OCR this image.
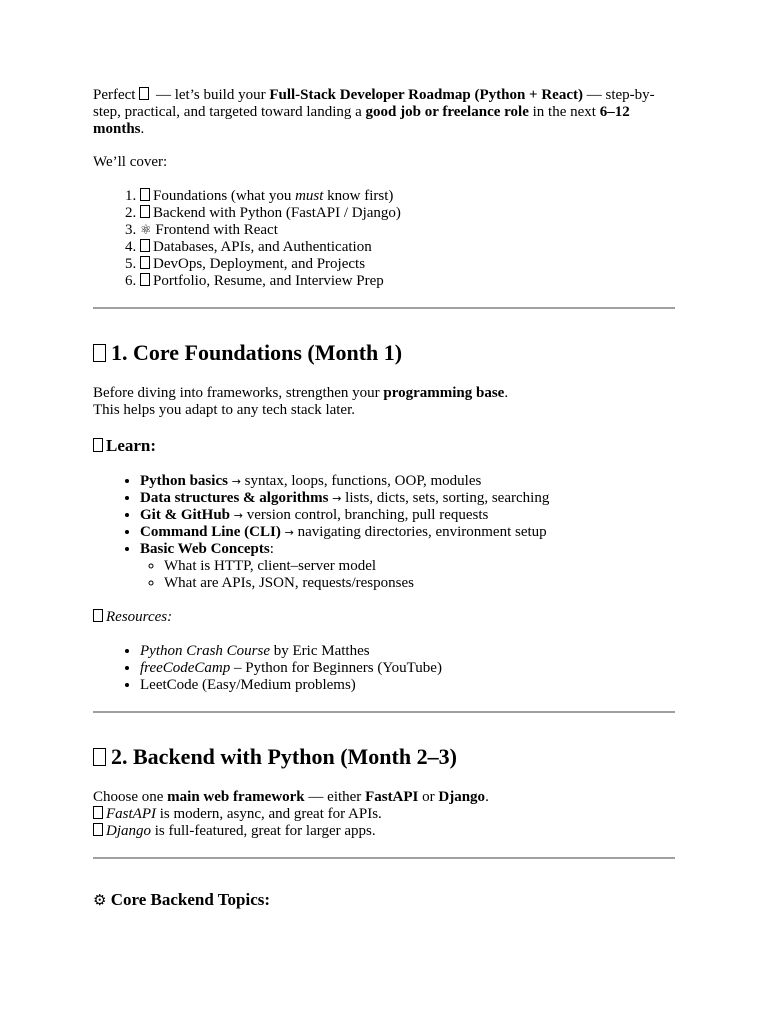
Perfect  — let’s build your Full-Stack Developer Roadmap (Python + React) — step-by-step, practical, and targeted toward landing a good job or freelance role in the next 6–12 months.

We’ll cover:

1. Foundations (what you must know first)
2. Backend with Python (FastAPI / Django)
3. ⚛ Frontend with React
4. Databases, APIs, and Authentication
5. DevOps, Deployment, and Projects
6. Portfolio, Resume, and Interview Prep
1. Core Foundations (Month 1)

Before diving into frameworks, strengthen your programming base.

This helps you adapt to any tech stack later.

Learn:
• Python basics → syntax, loops, functions, OOP, modules
• Data structures & algorithms → lists, dicts, sets, sorting, searching
• Git & GitHub → version control, branching, pull requests
• Command Line (CLI) → navigating directories, environment setup
• Basic Web Concepts:
◦ What is HTTP, client–server model
◦ What are APIs, JSON, requests/responses

Resources:

• Python Crash Course by Eric Matthes
• freeCodeCamp – Python for Beginners (YouTube)
• LeetCode (Easy/Medium problems)
2. Backend with Python (Month 2–3)

Choose one main web framework — either FastAPI or Django.

FastAPI is modern, async, and great for APIs.

Django is full-featured, great for larger apps.

⚙ Core Backend Topics:
